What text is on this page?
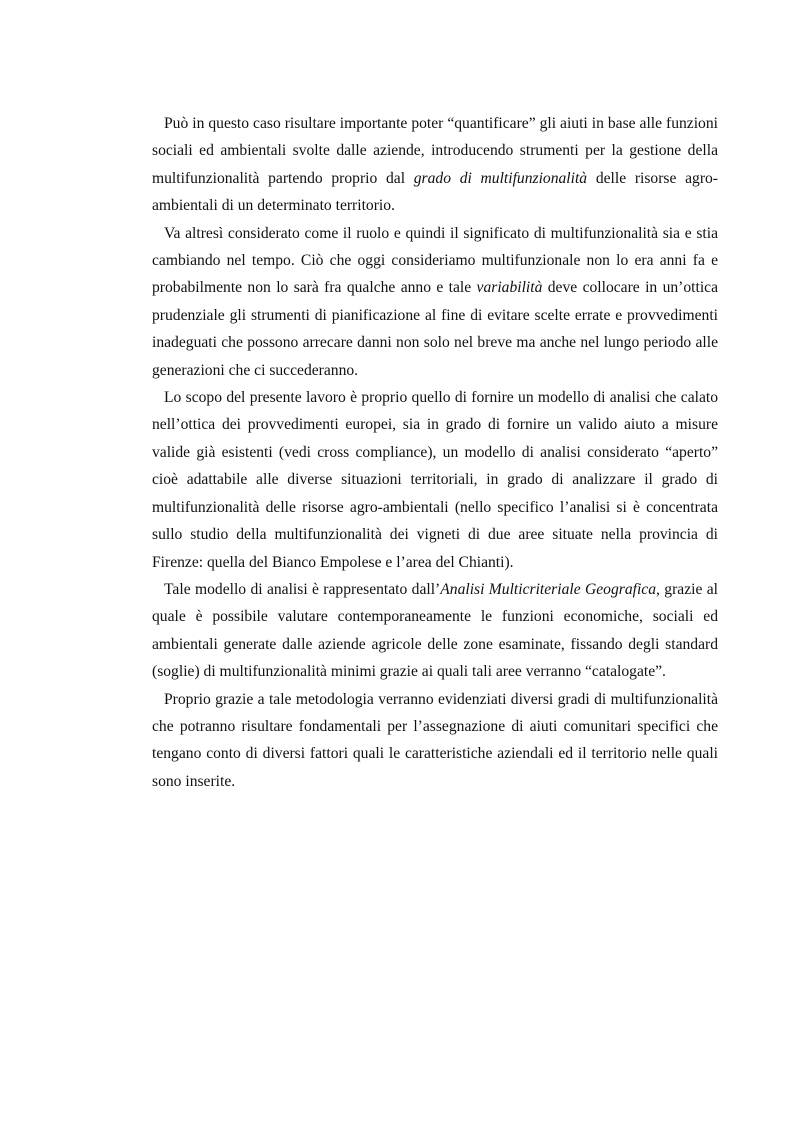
Può in questo caso risultare importante poter “quantificare” gli aiuti in base alle funzioni sociali ed ambientali svolte dalle aziende, introducendo strumenti per la gestione della multifunzionalità partendo proprio dal grado di multifunzionalità delle risorse agro-ambientali di un determinato territorio.

Va altresì considerato come il ruolo e quindi il significato di multifunzionalità sia e stia cambiando nel tempo. Ciò che oggi consideriamo multifunzionale non lo era anni fa e probabilmente non lo sarà fra qualche anno e tale variabilità deve collocare in un’ottica prudenziale gli strumenti di pianificazione al fine di evitare scelte errate e provvedimenti inadeguati che possono arrecare danni non solo nel breve ma anche nel lungo periodo alle generazioni che ci succederanno.

Lo scopo del presente lavoro è proprio quello di fornire un modello di analisi che calato nell’ottica dei provvedimenti europei, sia in grado di fornire un valido aiuto a misure valide già esistenti (vedi cross compliance), un modello di analisi considerato “aperto” cioè adattabile alle diverse situazioni territoriali, in grado di analizzare il grado di multifunzionalità delle risorse agro-ambientali (nello specifico l’analisi si è concentrata sullo studio della multifunzionalità dei vigneti di due aree situate nella provincia di Firenze: quella del Bianco Empolese e l’area del Chianti).

Tale modello di analisi è rappresentato dall’Analisi Multicriteriale Geografica, grazie al quale è possibile valutare contemporaneamente le funzioni economiche, sociali ed ambientali generate dalle aziende agricole delle zone esaminate, fissando degli standard (soglie) di multifunzionalità minimi grazie ai quali tali aree verranno “catalogate”.

Proprio grazie a tale metodologia verranno evidenziati diversi gradi di multifunzionalità che potranno risultare fondamentali per l’assegnazione di aiuti comunitari specifici che tengano conto di diversi fattori quali le caratteristiche aziendali ed il territorio nelle quali sono inserite.
